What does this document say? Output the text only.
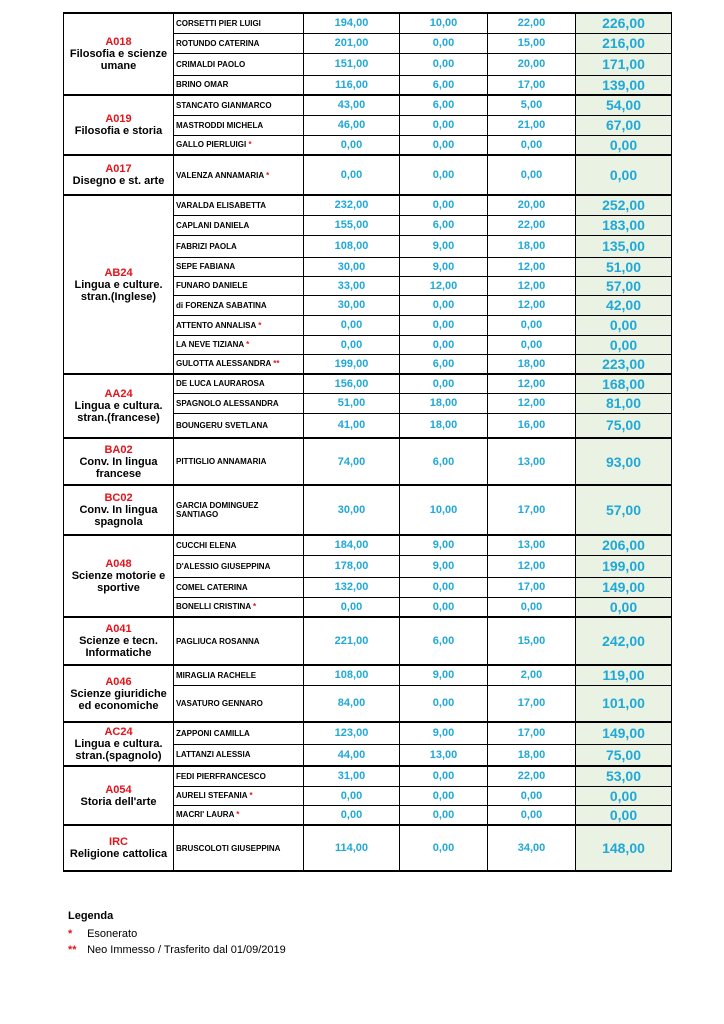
A018
Filosofia e scienze umane	CORSETTI PIER LUIGI	194,00	10,00	22,00	226,00
	ROTUNDO CATERINA	201,00	0,00	15,00	216,00
	CRIMALDI PAOLO	151,00	0,00	20,00	171,00
	BRINO OMAR	116,00	6,00	17,00	139,00

A019
Filosofia e storia	STANCATO GIANMARCO	43,00	6,00	5,00	54,00
	MASTRODDI MICHELA	46,00	0,00	21,00	67,00
	GALLO PIERLUIGI *	0,00	0,00	0,00	0,00

A017
Disegno e st. arte	VALENZA ANNAMARIA *	0,00	0,00	0,00	0,00

AB24
Lingua e culture. stran.(Inglese)	VARALDA ELISABETTA	232,00	0,00	20,00	252,00
	CAPLANI DANIELA	155,00	6,00	22,00	183,00
	FABRIZI PAOLA	108,00	9,00	18,00	135,00
	SEPE FABIANA	30,00	9,00	12,00	51,00
	FUNARO DANIELE	33,00	12,00	12,00	57,00
	di FORENZA SABATINA	30,00	0,00	12,00	42,00
	ATTENTO ANNALISA *	0,00	0,00	0,00	0,00
	LA NEVE TIZIANA *	0,00	0,00	0,00	0,00
	GULOTTA ALESSANDRA **	199,00	6,00	18,00	223,00

AA24
Lingua e cultura. stran.(francese)	DE LUCA LAURAROSA	156,00	0,00	12,00	168,00
	SPAGNOLO ALESSANDRA	51,00	18,00	12,00	81,00
	BOUNGERU SVETLANA	41,00	18,00	16,00	75,00

BA02
Conv. In lingua francese	PITTIGLIO ANNAMARIA	74,00	6,00	13,00	93,00

BC02
Conv. In lingua spagnola	GARCIA DOMINGUEZ SANTIAGO	30,00	10,00	17,00	57,00

A048
Scienze motorie e sportive	CUCCHI ELENA	184,00	9,00	13,00	206,00
	D'ALESSIO GIUSEPPINA	178,00	9,00	12,00	199,00
	COMEL CATERINA	132,00	0,00	17,00	149,00
	BONELLI CRISTINA *	0,00	0,00	0,00	0,00

A041
Scienze e tecn. Informatiche	PAGLIUCA ROSANNA	221,00	6,00	15,00	242,00

A046
Scienze giuridiche ed economiche	MIRAGLIA RACHELE	108,00	9,00	2,00	119,00
	VASATURO GENNARO	84,00	0,00	17,00	101,00

AC24
Lingua e cultura. stran.(spagnolo)	ZAPPONI CAMILLA	123,00	9,00	17,00	149,00
	LATTANZI ALESSIA	44,00	13,00	18,00	75,00

A054
Storia dell'arte	FEDI PIERFRANCESCO	31,00	0,00	22,00	53,00
	AURELI STEFANIA *	0,00	0,00	0,00	0,00
	MACRI' LAURA *	0,00	0,00	0,00	0,00

IRC
Religione cattolica	BRUSCOLOTI GIUSEPPINA	114,00	0,00	34,00	148,00
Legenda
* Esonerato
** Neo Immesso / Trasferito dal 01/09/2019
